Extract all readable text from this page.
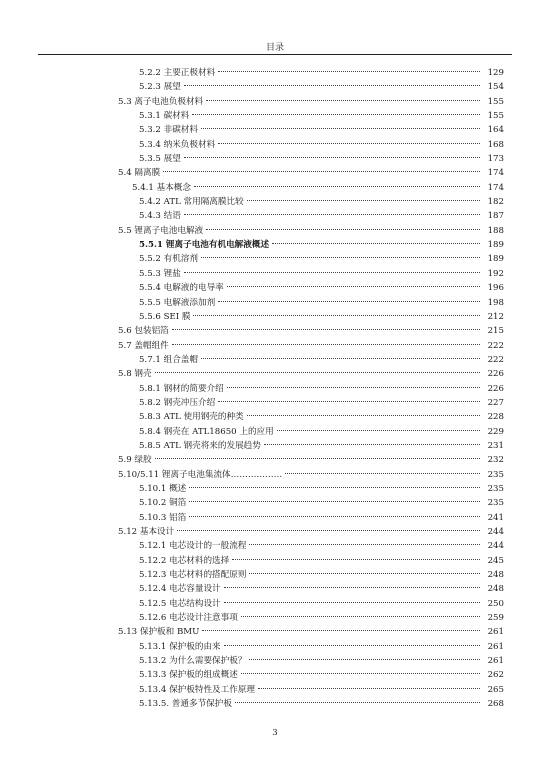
目录
5.2.2 主要正极材料	129
5.2.3 展望	154
5.3 离子电池负极材料	155
5.3.1 碳材料	155
5.3.2 非碳材料	164
5.3.4 纳米负极材料	168
5.3.5 展望	173
5.4 隔离膜	174
5.4.1 基本概念	174
5.4.2 ATL 常用隔离膜比较	182
5.4.3 结语	187
5.5 锂离子电池电解液	188
5.5.1 锂离子电池有机电解液概述	189
5.5.2 有机溶剂	189
5.5.3 锂盐	192
5.5.4 电解液的电导率	196
5.5.5 电解液添加剂	198
5.5.6 SEI 膜	212
5.6 包装铝箔	215
5.7 盖帽组件	222
5.7.1 组合盖帽	222
5.8 钢壳	226
5.8.1 钢材的简要介绍	226
5.8.2 钢壳冲压介绍	227
5.8.3 ATL 使用钢壳的种类	228
5.8.4 钢壳在 ATL18650 上的应用	229
5.8.5 ATL 钢壳将来的发展趋势	231
5.9 绿胶	232
5.10/5.11 锂离子电池集流体………………	235
5.10.1 概述	235
5.10.2 铜箔	235
5.10.3 铝箔	241
5.12 基本设计	244
5.12.1 电芯设计的一般流程	244
5.12.2 电芯材料的选择	245
5.12.3 电芯材料的搭配原则	248
5.12.4 电芯容量设计	248
5.12.5 电芯结构设计	250
5.12.6 电芯设计注意事项	259
5.13 保护板和 BMU	261
5.13.1 保护板的由来	261
5.13.2 为什么需要保护板？	261
5.13.3 保护板的组成概述	262
5.13.4 保护板特性及工作原理	265
5.13.5. 普通多节保护板	268
3
